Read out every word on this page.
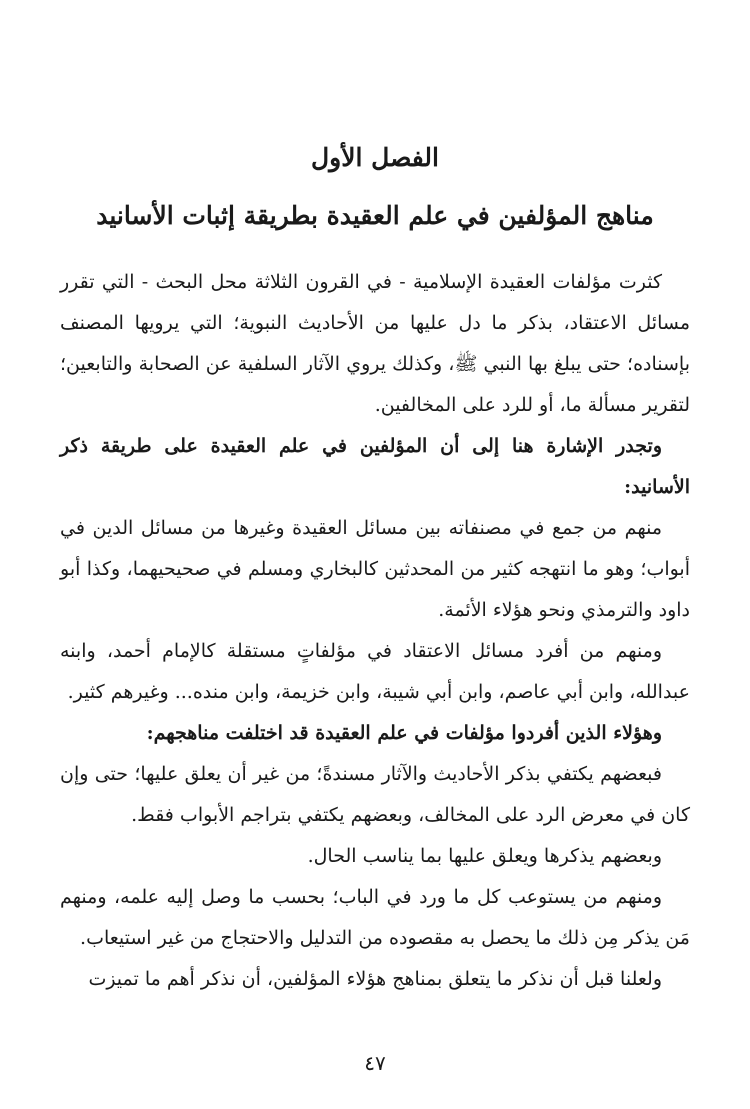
الفصل الأول
مناهج المؤلفين في علم العقيدة بطريقة إثبات الأسانيد

كثرت مؤلفات العقيدة الإسلامية - في القرون الثلاثة محل البحث - التي تقرر مسائل الاعتقاد، بذكر ما دل عليها من الأحاديث النبوية؛ التي يرويها المصنف بإسناده؛ حتى يبلغ بها النبي ﷺ، وكذلك يروي الآثار السلفية عن الصحابة والتابعين؛ لتقرير مسألة ما، أو للرد على المخالفين.

وتجدر الإشارة هنا إلى أن المؤلفين في علم العقيدة على طريقة ذكر الأسانيد:

منهم من جمع في مصنفاته بين مسائل العقيدة وغيرها من مسائل الدين في أبواب؛ وهو ما انتهجه كثير من المحدثين كالبخاري ومسلم في صحيحيهما، وكذا أبو داود والترمذي ونحو هؤلاء الأئمة.

ومنهم من أفرد مسائل الاعتقاد في مؤلفاتٍ مستقلة كالإمام أحمد، وابنه عبدالله، وابن أبي عاصم، وابن أبي شيبة، وابن خزيمة، وابن منده... وغيرهم كثير.

وهؤلاء الذين أفردوا مؤلفات في علم العقيدة قد اختلفت مناهجهم:

فبعضهم يكتفي بذكر الأحاديث والآثار مسندةً؛ من غير أن يعلق عليها؛ حتى وإن كان في معرض الرد على المخالف، وبعضهم يكتفي بتراجم الأبواب فقط.

وبعضهم يذكرها ويعلق عليها بما يناسب الحال.

ومنهم من يستوعب كل ما ورد في الباب؛ بحسب ما وصل إليه علمه، ومنهم مَن يذكر مِن ذلك ما يحصل به مقصوده من التدليل والاحتجاج من غير استيعاب.

ولعلنا قبل أن نذكر ما يتعلق بمناهج هؤلاء المؤلفين، أن نذكر أهم ما تميزت

٤٧
